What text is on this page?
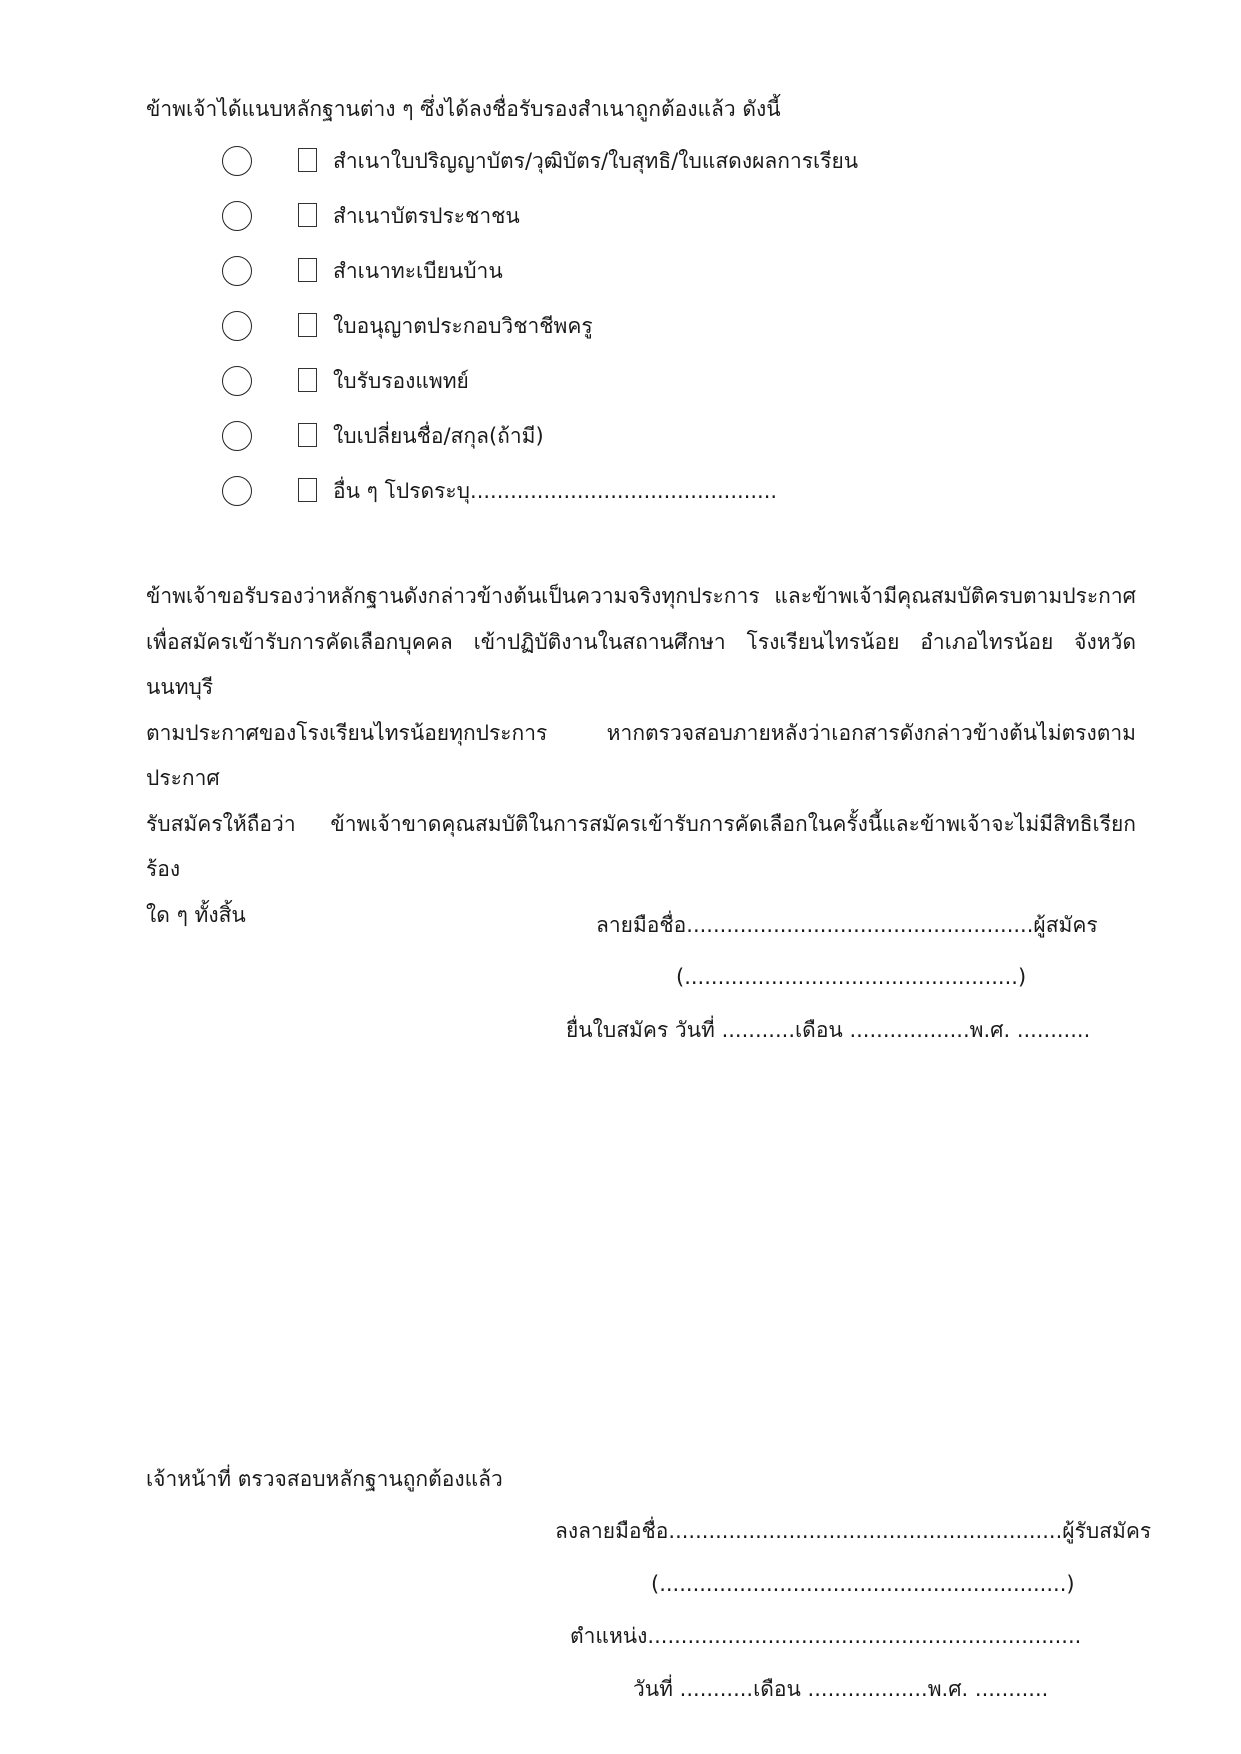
ข้าพเจ้าได้แนบหลักฐานต่าง ๆ ซึ่งได้ลงชื่อรับรองสำเนาถูกต้องแล้ว ดังนี้
สำเนาใบปริญญาบัตร/วุฒิบัตร/ใบสุทธิ/ใบแสดงผลการเรียน
สำเนาบัตรประชาชน
สำเนาทะเบียนบ้าน
ใบอนุญาตประกอบวิชาชีพครู
ใบรับรองแพทย์
ใบเปลี่ยนชื่อ/สกุล(ถ้ามี)
อื่น ๆ โปรดระบุ..............................................
ข้าพเจ้าขอรับรองว่าหลักฐานดังกล่าวข้างต้นเป็นความจริงทุกประการ และข้าพเจ้ามีคุณสมบัติครบตามประกาศ
เพื่อสมัครเข้ารับการคัดเลือกบุคคล เข้าปฏิบัติงานในสถานศึกษา โรงเรียนไทรน้อย อำเภอไทรน้อย จังหวัดนนทบุรี
ตามประกาศของโรงเรียนไทรน้อยทุกประการ หากตรวจสอบภายหลังว่าเอกสารดังกล่าวข้างต้นไม่ตรงตามประกาศ
รับสมัครให้ถือว่า ข้าพเจ้าขาดคุณสมบัติในการสมัครเข้ารับการคัดเลือกในครั้งนี้และข้าพเจ้าจะไม่มีสิทธิเรียกร้อง
ใด ๆ ทั้งสิ้น	ลายมือชื่อ....................................................ผู้สมัคร
(..................................................)
ยื่นใบสมัคร วันที่ ...........เดือน ..................พ.ศ. ...........
เจ้าหน้าที่ ตรวจสอบหลักฐานถูกต้องแล้ว
ลงลายมือชื่อ...........................................................ผู้รับสมัคร
(.............................................................)
ตำแหน่ง.................................................................
วันที่ ...........เดือน ..................พ.ศ. ...........
